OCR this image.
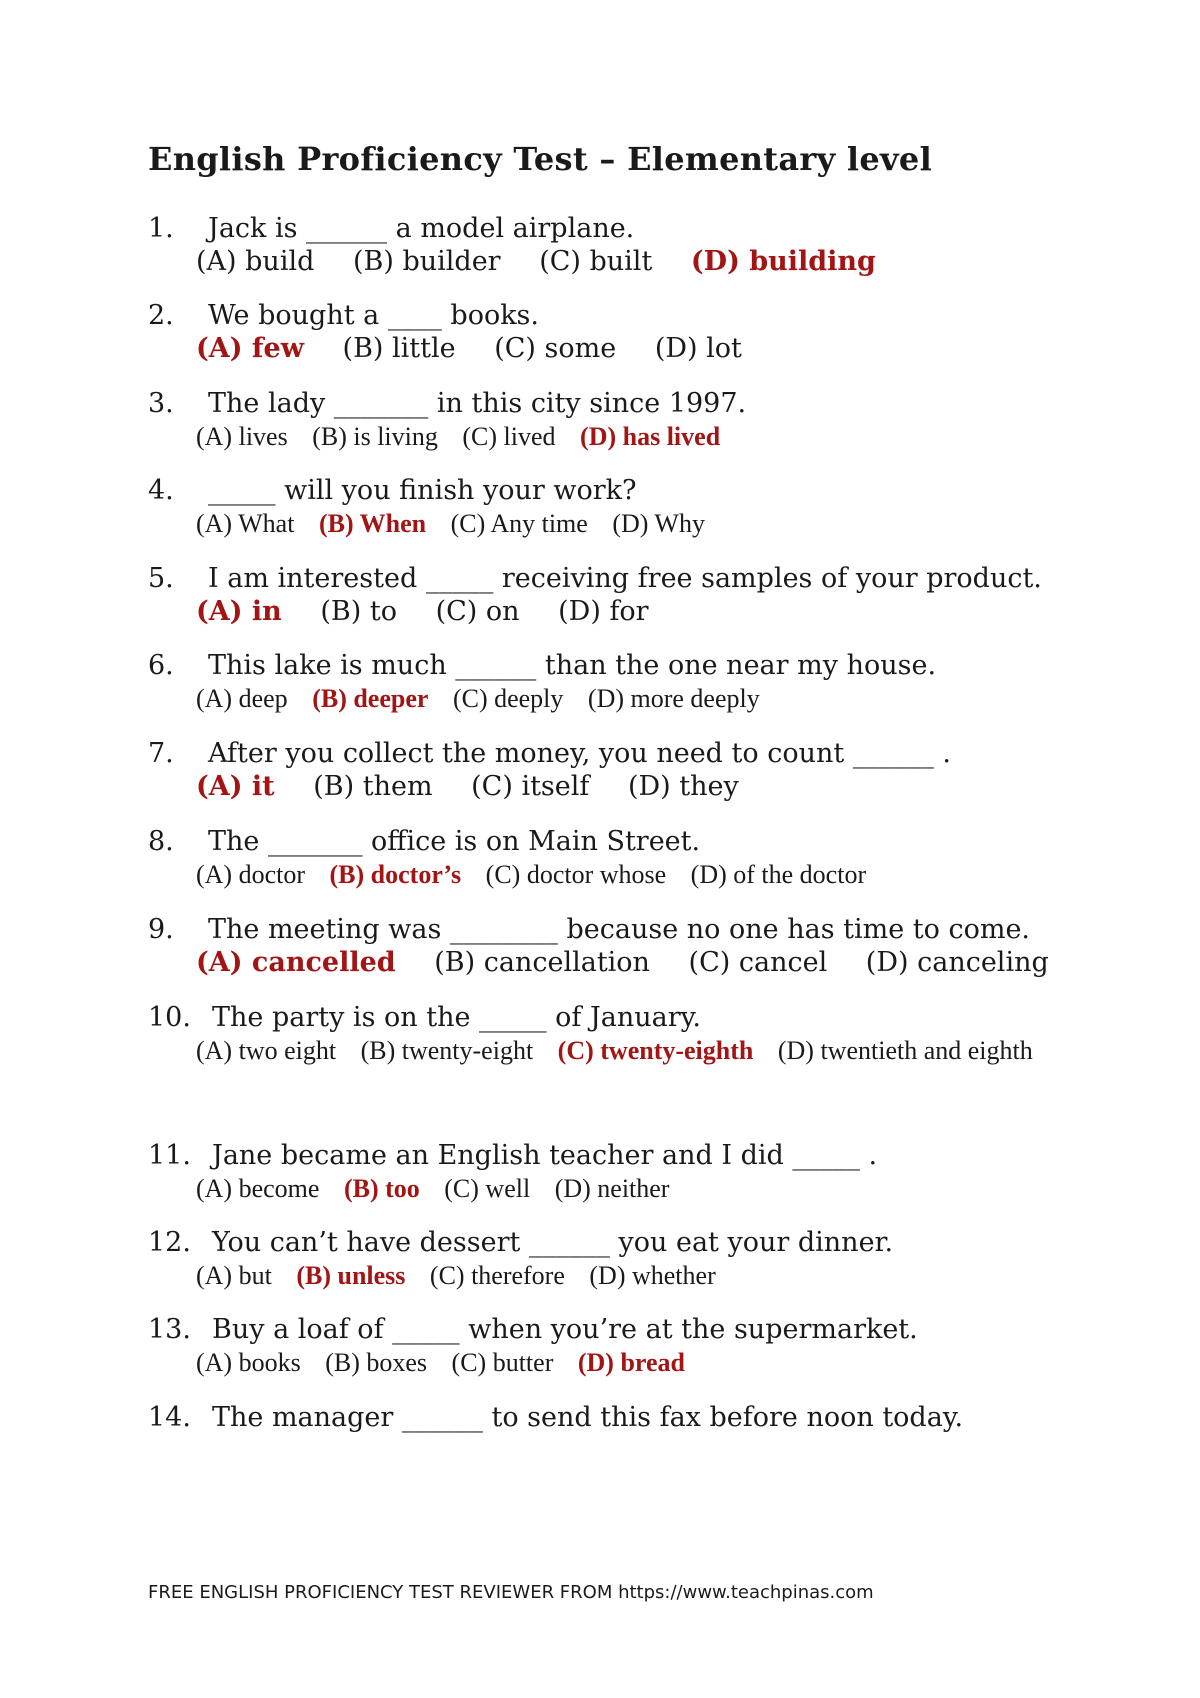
English Proficiency Test – Elementary level
1.	Jack is ______ a model airplane.
(A) build (B) builder (C) built (D) building
2.	We bought a ____ books.
(A) few (B) little (C) some (D) lot
3.	The lady _______ in this city since 1997.
(A) lives (B) is living (C) lived (D) has lived
4.	_____ will you finish your work?
(A) What (B) When (C) Any time (D) Why
5.	I am interested _____ receiving free samples of your product.
(A) in (B) to (C) on (D) for
6.	This lake is much ______ than the one near my house.
(A) deep (B) deeper (C) deeply (D) more deeply
7.	After you collect the money, you need to count ______ .
(A) it (B) them (C) itself (D) they
8.	The _______ office is on Main Street.
(A) doctor (B) doctor’s (C) doctor whose (D) of the doctor
9.	The meeting was ________ because no one has time to come.
(A) cancelled (B) cancellation (C) cancel (D) canceling
10. The party is on the _____ of January.
(A) two eight (B) twenty-eight (C) twenty-eighth (D) twentieth and eighth
11. Jane became an English teacher and I did _____ .
(A) become (B) too (C) well (D) neither
12. You can’t have dessert ______ you eat your dinner.
(A) but (B) unless (C) therefore (D) whether
13. Buy a loaf of _____ when you’re at the supermarket.
(A) books (B) boxes (C) butter (D) bread
14. The manager ______ to send this fax before noon today.
FREE ENGLISH PROFICIENCY TEST REVIEWER FROM https://www.teachpinas.com
